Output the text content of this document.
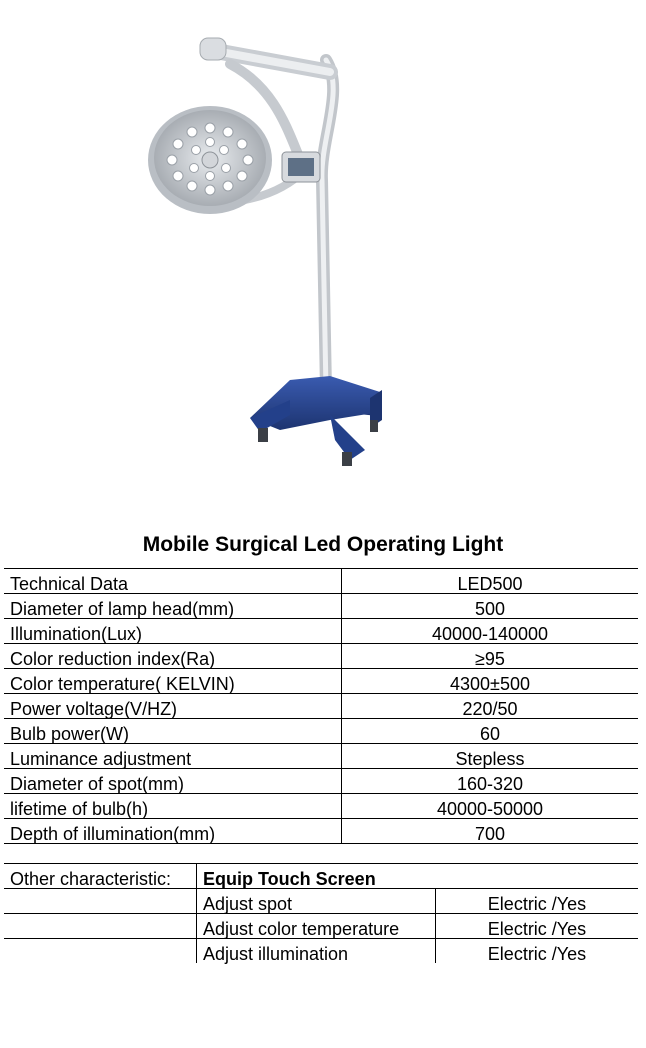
Mobile Surgical Led Operating Light
Technical Data	LED500
Diameter of lamp head(mm)	500
Illumination(Lux)	40000-140000
Color reduction index(Ra)	≥95
Color temperature( KELVIN)	4300±500
Power voltage(V/HZ)	220/50
Bulb power(W)	60
Luminance adjustment	Stepless
Diameter of spot(mm)	160-320
lifetime of bulb(h)	40000-50000
Depth of illumination(mm)	700
Other characteristic:	Equip Touch Screen	
	Adjust spot	Electric /Yes
	Adjust color temperature	Electric /Yes
	Adjust illumination	Electric /Yes
